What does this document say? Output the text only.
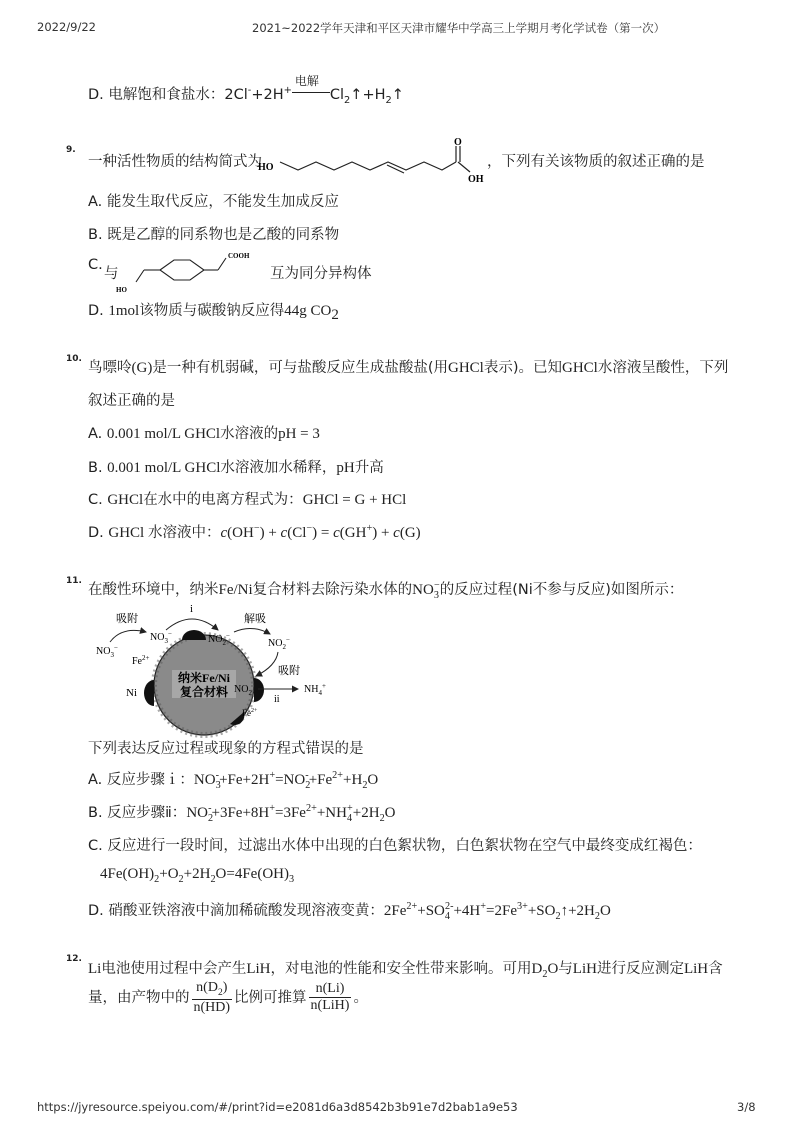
2022/9/22	2021~2022学年天津和平区天津市耀华中学高三上学期月考化学试卷（第一次）
D. 电解饱和食盐水：2Cl-+2H+
电解
$Cl_2↑+H_2↑$
9.
一种活性物质的结构简式为
HO
O
OH
，下列有关该物质的叙述正确的是
A. 能发生取代反应，不能发生加成反应
B. 既是乙醇的同系物也是乙酸的同系物
C.
与
HO
COOH
互为同分异构体
D. 1mol该物质与碳酸钠反应得44g $CO_2$
10.
鸟嘌呤(G)是一种有机弱碱，可与盐酸反应生成盐酸盐(用GHCl表示)。已知GHCl水溶液呈酸性，下列
叙述正确的是
A. 0.001 mol/L GHCl水溶液的pH = 3
B. 0.001 mol/L GHCl水溶液加水稀释，pH升高
C. GHCl在水中的电离方程式为：GHCl = G + HCl
D. GHCl 水溶液中：c(OH−) + c(Cl−) = c(GH+) + c(G)
11.
在酸性环境中，纳米Fe/Ni复合材料去除污染水体的$NO_3^-$的反应过程(Ni不参与反应)如图所示：
纳米Fe/Ni
复合材料
吸附
$NO_3^-$
$NO_3^-$
i
$NO_2^-$
解吸
$NO_2^-$
吸附
$NO_2$
ii
$NH_4^+$
$Fe^{2+}$
$Fe^{2+}$
Ni
下列表达反应过程或现象的方程式错误的是
A. 反应步骤ｉ：$NO_3^-+Fe+2H^+=NO_2^-+Fe^{2+}+H_2O$
B. 反应步骤ⅱ：$NO_2^-+3Fe+8H^+=3Fe^{2+}+NH_4^++2H_2O$
C. 反应进行一段时间，过滤出水体中出现的白色絮状物，白色絮状物在空气中最终变成红褐色：
$4Fe(OH)_2+O_2+2H_2O=4Fe(OH)_3$
D. 硝酸亚铁溶液中滴加稀硫酸发现溶液变黄：$2Fe^{2+}+SO_4^{2-}+4H^+=2Fe^{3+}+SO_2↑+2H_2O$
12.
Li电池使用过程中会产生LiH，对电池的性能和安全性带来影响。可用$D_2O$与LiH进行反应测定LiH含
量，由产物中的 $\frac{n(D_2)}{n(HD)}$ 比例可推算 $\frac{n(Li)}{\text{n(LiH)}}$ 。
https://jyresource.speiyou.com/#/print?id=e2081d6a3d8542b3b91e7d2bab1a9e53	3/8
